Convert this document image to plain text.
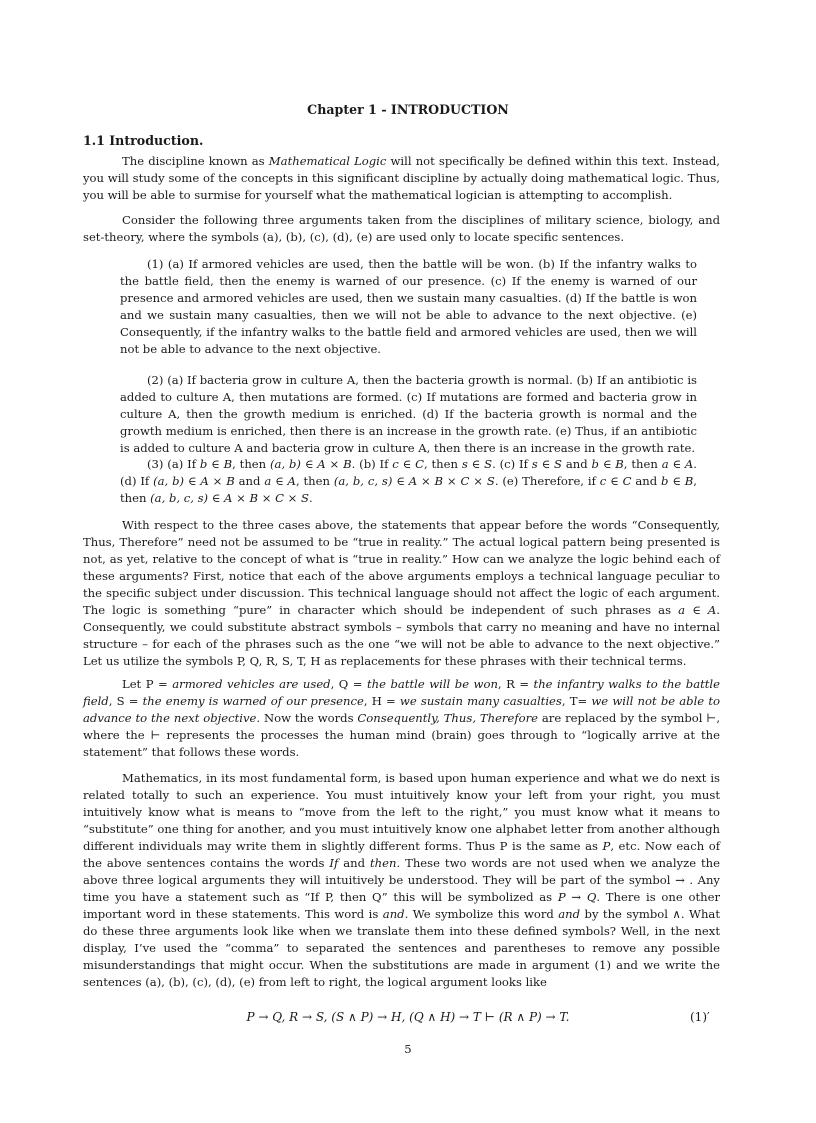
Chapter 1 - INTRODUCTION
1.1 Introduction.

The discipline known as Mathematical Logic will not specifically be defined within this text. Instead, you will study some of the concepts in this significant discipline by actually doing mathematical logic. Thus, you will be able to surmise for yourself what the mathematical logician is attempting to accomplish.

Consider the following three arguments taken from the disciplines of military science, biology, and set-theory, where the symbols (a), (b), (c), (d), (e) are used only to locate specific sentences.

(1) (a) If armored vehicles are used, then the battle will be won. (b) If the infantry walks to the battle field, then the enemy is warned of our presence. (c) If the enemy is warned of our presence and armored vehicles are used, then we sustain many casualties. (d) If the battle is won and we sustain many casualties, then we will not be able to advance to the next objective. (e) Consequently, if the infantry walks to the battle field and armored vehicles are used, then we will not be able to advance to the next objective.

(2) (a) If bacteria grow in culture A, then the bacteria growth is normal. (b) If an antibiotic is added to culture A, then mutations are formed. (c) If mutations are formed and bacteria grow in culture A, then the growth medium is enriched. (d) If the bacteria growth is normal and the growth medium is enriched, then there is an increase in the growth rate. (e) Thus, if an antibiotic is added to culture A and bacteria grow in culture A, then there is an increase in the growth rate.

(3) (a) If b ∈ B, then (a, b) ∈ A × B. (b) If c ∈ C, then s ∈ S. (c) If s ∈ S and b ∈ B, then a ∈ A. (d) If (a, b) ∈ A × B and a ∈ A, then (a, b, c, s) ∈ A × B × C × S. (e) Therefore, if c ∈ C and b ∈ B, then (a, b, c, s) ∈ A × B × C × S.

With respect to the three cases above, the statements that appear before the words “Consequently, Thus, Therefore” need not be assumed to be “true in reality.” The actual logical pattern being presented is not, as yet, relative to the concept of what is “true in reality.” How can we analyze the logic behind each of these arguments? First, notice that each of the above arguments employs a technical language peculiar to the specific subject under discussion. This technical language should not affect the logic of each argument. The logic is something “pure” in character which should be independent of such phrases as a ∈ A. Consequently, we could substitute abstract symbols – symbols that carry no meaning and have no internal structure – for each of the phrases such as the one “we will not be able to advance to the next objective.” Let us utilize the symbols P, Q, R, S, T, H as replacements for these phrases with their technical terms.

Let P = armored vehicles are used, Q = the battle will be won, R = the infantry walks to the battle field, S = the enemy is warned of our presence, H = we sustain many casualties, T= we will not be able to advance to the next objective. Now the words Consequently, Thus, Therefore are replaced by the symbol ⊢, where the ⊢ represents the processes the human mind (brain) goes through to “logically arrive at the statement” that follows these words.

Mathematics, in its most fundamental form, is based upon human experience and what we do next is related totally to such an experience. You must intuitively know your left from your right, you must intuitively know what is means to “move from the left to the right,” you must know what it means to “substitute” one thing for another, and you must intuitively know one alphabet letter from another although different individuals may write them in slightly different forms. Thus P is the same as P, etc. Now each of the above sentences contains the words If and then. These two words are not used when we analyze the above three logical arguments they will intuitively be understood. They will be part of the symbol → . Any time you have a statement such as “If P, then Q” this will be symbolized as P → Q. There is one other important word in these statements. This word is and. We symbolize this word and by the symbol ∧. What do these three arguments look like when we translate them into these defined symbols? Well, in the next display, I’ve used the “comma” to separated the sentences and parentheses to remove any possible misunderstandings that might occur. When the substitutions are made in argument (1) and we write the sentences (a), (b), (c), (d), (e) from left to right, the logical argument looks like

P → Q, R → S, (S ∧ P) → H, (Q ∧ H) → T ⊢ (R ∧ P) → T.	(1)′
5
